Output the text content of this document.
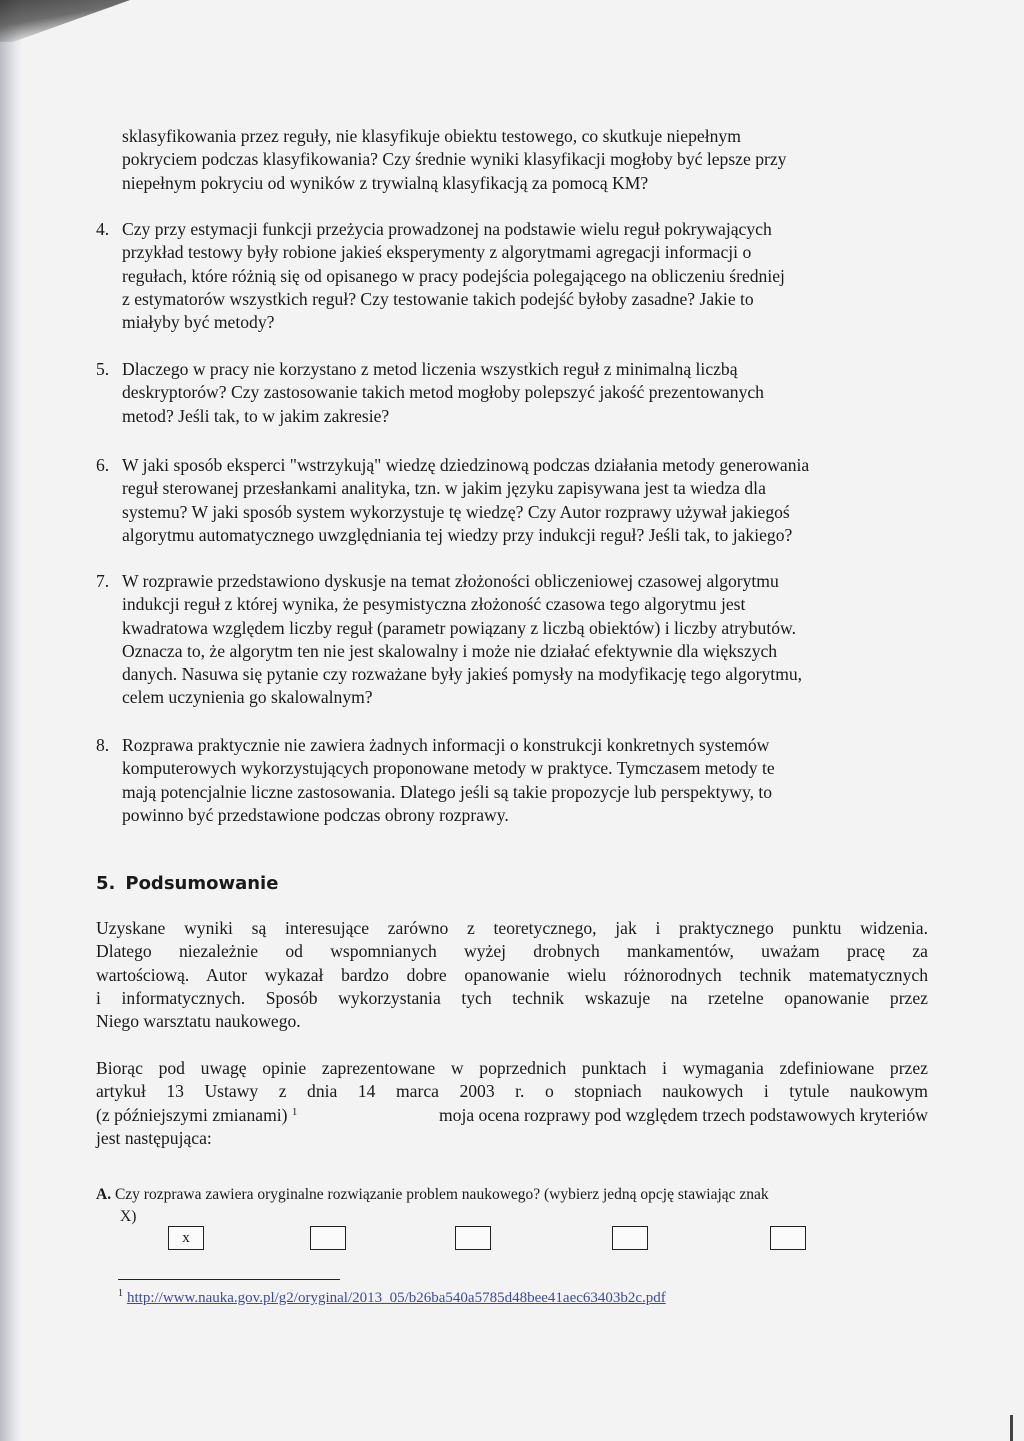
sklasyfikowania przez reguły, nie klasyfikuje obiektu testowego, co skutkuje niepełnym
pokryciem podczas klasyfikowania? Czy średnie wyniki klasyfikacji mogłoby być lepsze przy
niepełnym pokryciu od wyników z trywialną klasyfikacją za pomocą KM?
4. Czy przy estymacji funkcji przeżycia prowadzonej na podstawie wielu reguł pokrywających
przykład testowy były robione jakieś eksperymenty z algorytmami agregacji informacji o
regułach, które różnią się od opisanego w pracy podejścia polegającego na obliczeniu średniej
z estymatorów wszystkich reguł? Czy testowanie takich podejść byłoby zasadne? Jakie to
miałyby być metody?
5. Dlaczego w pracy nie korzystano z metod liczenia wszystkich reguł z minimalną liczbą
deskryptorów? Czy zastosowanie takich metod mogłoby polepszyć jakość prezentowanych
metod? Jeśli tak, to w jakim zakresie?
6. W jaki sposób eksperci "wstrzykują" wiedzę dziedzinową podczas działania metody generowania
reguł sterowanej przesłankami analityka, tzn. w jakim języku zapisywana jest ta wiedza dla
systemu? W jaki sposób system wykorzystuje tę wiedzę? Czy Autor rozprawy używał jakiegoś
algorytmu automatycznego uwzględniania tej wiedzy przy indukcji reguł? Jeśli tak, to jakiego?
7. W rozprawie przedstawiono dyskusje na temat złożoności obliczeniowej czasowej algorytmu
indukcji reguł z której wynika, że pesymistyczna złożoność czasowa tego algorytmu jest
kwadratowa względem liczby reguł (parametr powiązany z liczbą obiektów) i liczby atrybutów.
Oznacza to, że algorytm ten nie jest skalowalny i może nie działać efektywnie dla większych
danych. Nasuwa się pytanie czy rozważane były jakieś pomysły na modyfikację tego algorytmu,
celem uczynienia go skalowalnym?
8. Rozprawa praktycznie nie zawiera żadnych informacji o konstrukcji konkretnych systemów
komputerowych wykorzystujących proponowane metody w praktyce. Tymczasem metody te
mają potencjalnie liczne zastosowania. Dlatego jeśli są takie propozycje lub perspektywy, to
powinno być przedstawione podczas obrony rozprawy.
5. Podsumowanie
Uzyskane wyniki są interesujące zarówno z teoretycznego, jak i praktycznego punktu widzenia.
Dlatego niezależnie od wspomnianych wyżej drobnych mankamentów, uważam pracę za
wartościową. Autor wykazał bardzo dobre opanowanie wielu różnorodnych technik matematycznych
i informatycznych. Sposób wykorzystania tych technik wskazuje na rzetelne opanowanie przez
Niego warsztatu naukowego.
Biorąc pod uwagę opinie zaprezentowane w poprzednich punktach i wymagania zdefiniowane przez
artykuł 13 Ustawy z dnia 14 marca 2003 r. o stopniach naukowych i tytule naukowym
(z późniejszymi zmianami) $^1$	moja ocena rozprawy pod względem trzech podstawowych kryteriów
jest następująca:
A. Czy rozprawa zawiera oryginalne rozwiązanie problem naukowego? (wybierz jedną opcję stawiając znak
X)
x
$^1$ http://www.nauka.gov.pl/g2/oryginal/2013_05/b26ba540a5785d48bee41aec63403b2c.pdf
